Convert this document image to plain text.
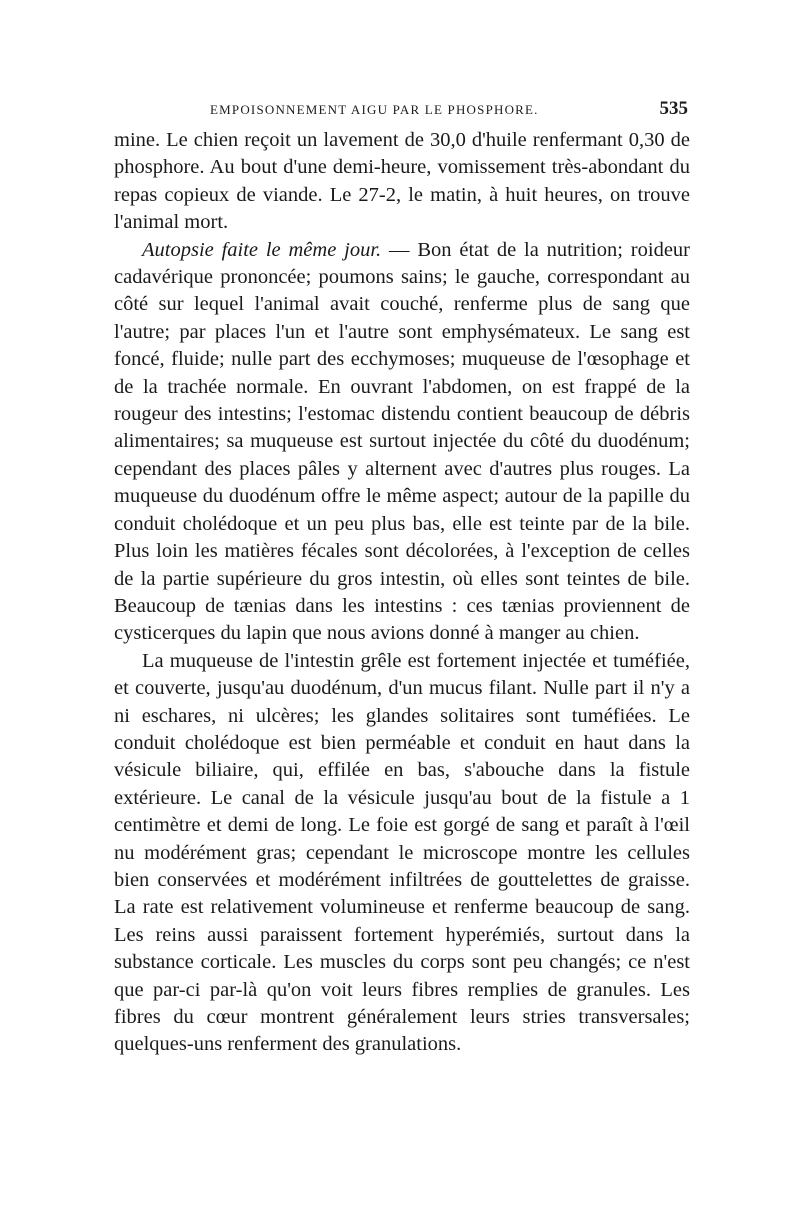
EMPOISONNEMENT AIGU PAR LE PHOSPHORE.	535

mine. Le chien reçoit un lavement de 30,0 d'huile renfermant 0,30 de phosphore. Au bout d'une demi-heure, vomissement très-abondant du repas copieux de viande. Le 27-2, le matin, à huit heures, on trouve l'animal mort.

Autopsie faite le même jour. — Bon état de la nutrition; roideur cadavérique prononcée; poumons sains; le gauche, correspondant au côté sur lequel l'animal avait couché, renferme plus de sang que l'autre; par places l'un et l'autre sont emphysémateux. Le sang est foncé, fluide; nulle part des ecchymoses; muqueuse de l'œsophage et de la trachée normale. En ouvrant l'abdomen, on est frappé de la rougeur des intestins; l'estomac distendu contient beaucoup de débris alimentaires; sa muqueuse est surtout injectée du côté du duodénum; cependant des places pâles y alternent avec d'autres plus rouges. La muqueuse du duodénum offre le même aspect; autour de la papille du conduit cholédoque et un peu plus bas, elle est teinte par de la bile. Plus loin les matières fécales sont décolorées, à l'exception de celles de la partie supérieure du gros intestin, où elles sont teintes de bile. Beaucoup de tænias dans les intestins : ces tænias proviennent de cysticerques du lapin que nous avions donné à manger au chien.

La muqueuse de l'intestin grêle est fortement injectée et tuméfiée, et couverte, jusqu'au duodénum, d'un mucus filant. Nulle part il n'y a ni eschares, ni ulcères; les glandes solitaires sont tuméfiées. Le conduit cholédoque est bien perméable et conduit en haut dans la vésicule biliaire, qui, effilée en bas, s'abouche dans la fistule extérieure. Le canal de la vésicule jusqu'au bout de la fistule a 1 centimètre et demi de long. Le foie est gorgé de sang et paraît à l'œil nu modérément gras; cependant le microscope montre les cellules bien conservées et modérément infiltrées de gouttelettes de graisse. La rate est relativement volumineuse et renferme beaucoup de sang. Les reins aussi paraissent fortement hyperémiés, surtout dans la substance corticale. Les muscles du corps sont peu changés; ce n'est que par-ci par-là qu'on voit leurs fibres remplies de granules. Les fibres du cœur montrent généralement leurs stries transversales; quelques-uns renferment des granulations.
